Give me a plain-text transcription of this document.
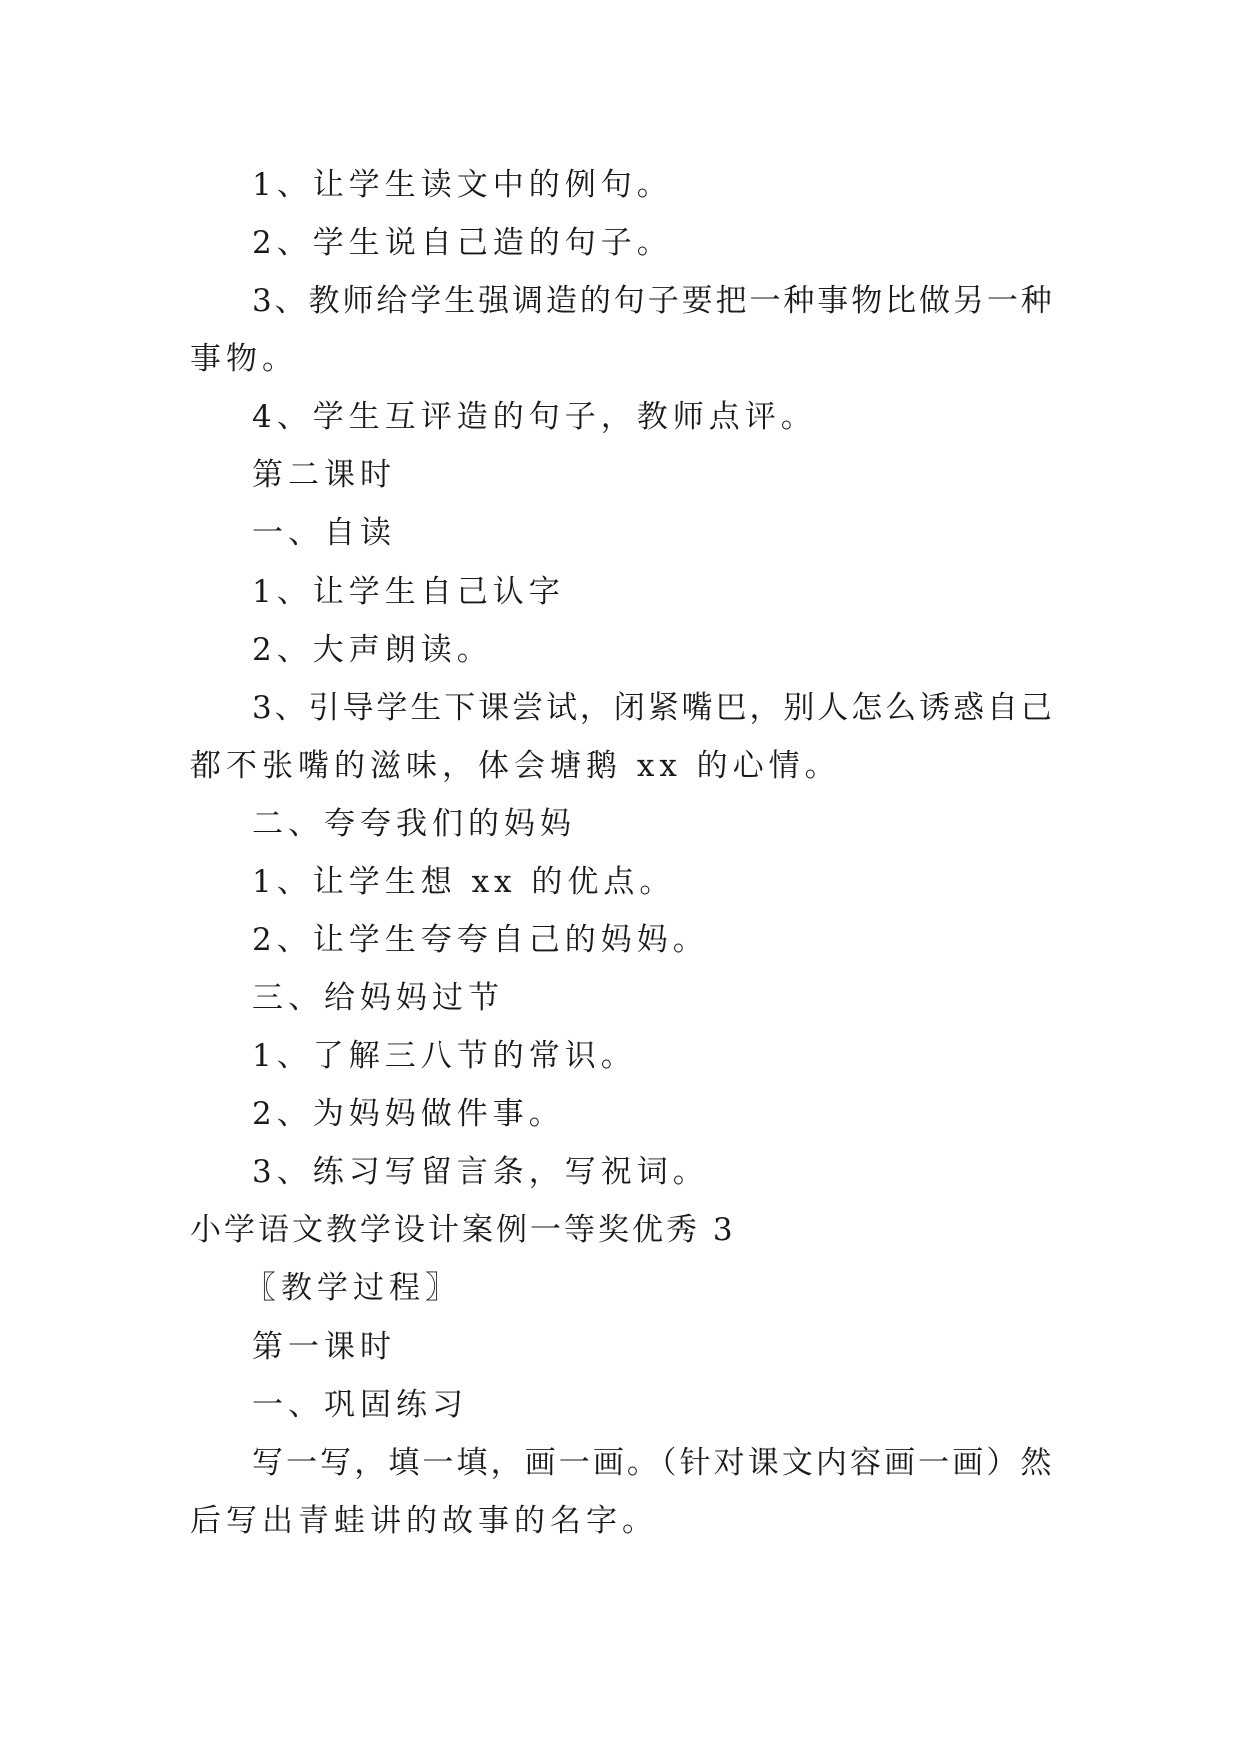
1、让学生读文中的例句。
2、学生说自己造的句子。
3、教师给学生强调造的句子要把一种事物比做另一种
事物。
4、学生互评造的句子，教师点评。
第二课时
一、自读
1、让学生自己认字
2、大声朗读。
3、引导学生下课尝试，闭紧嘴巴，别人怎么诱惑自己
都不张嘴的滋味，体会塘鹅 xx 的心情。
二、夸夸我们的妈妈
1、让学生想 xx 的优点。
2、让学生夸夸自己的妈妈。
三、给妈妈过节
1、了解三八节的常识。
2、为妈妈做件事。
3、练习写留言条，写祝词。
小学语文教学设计案例一等奖优秀 3
〖教学过程〗
第一课时
一、巩固练习
写一写，填一填，画一画。（针对课文内容画一画）然
后写出青蛙讲的故事的名字。
